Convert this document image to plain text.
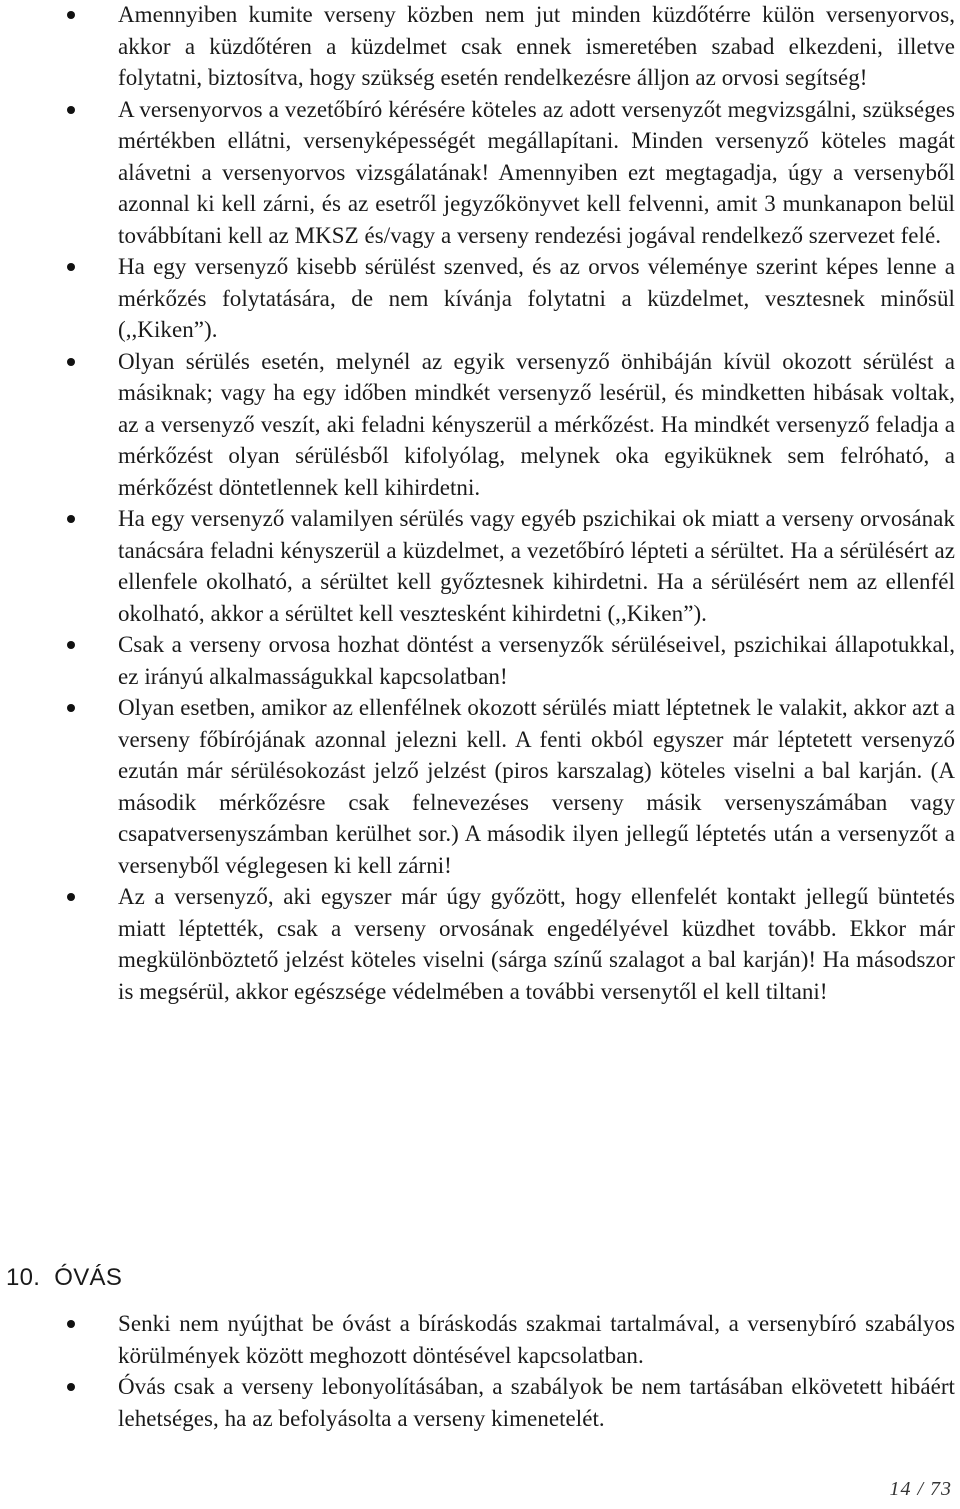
Amennyiben kumite verseny közben nem jut minden küzdőtérre külön versenyorvos, akkor a küzdőtéren a küzdelmet csak ennek ismeretében szabad elkezdeni, illetve folytatni, biztosítva, hogy szükség esetén rendelkezésre álljon az orvosi segítség!
A versenyorvos a vezetőbíró kérésére köteles az adott versenyzőt megvizsgálni, szükséges mértékben ellátni, versenyképességét megállapítani. Minden versenyző köteles magát alávetni a versenyorvos vizsgálatának! Amennyiben ezt megtagadja, úgy a versenyből azonnal ki kell zárni, és az esetről jegyzőkönyvet kell felvenni, amit 3 munkanapon belül továbbítani kell az MKSZ és/vagy a verseny rendezési jogával rendelkező szervezet felé.
Ha egy versenyző kisebb sérülést szenved, és az orvos véleménye szerint képes lenne a mérkőzés folytatására, de nem kívánja folytatni a küzdelmet, vesztesnek minősül (,,Kiken”).
Olyan sérülés esetén, melynél az egyik versenyző önhibáján kívül okozott sérülést a másiknak; vagy ha egy időben mindkét versenyző lesérül, és mindketten hibásak voltak, az a versenyző veszít, aki feladni kényszerül a mérkőzést. Ha mindkét versenyző feladja a mérkőzést olyan sérülésből kifolyólag, melynek oka egyiküknek sem felróható, a mérkőzést döntetlennek kell kihirdetni.
Ha egy versenyző valamilyen sérülés vagy egyéb pszichikai ok miatt a verseny orvosának tanácsára feladni kényszerül a küzdelmet, a vezetőbíró lépteti a sérültet. Ha a sérülésért az ellenfele okolható, a sérültet kell győztesnek kihirdetni. Ha a sérülésért nem az ellenfél okolható, akkor a sérültet kell vesztesként kihirdetni (,,Kiken”).
Csak a verseny orvosa hozhat döntést a versenyzők sérüléseivel, pszichikai állapotukkal, ez irányú alkalmasságukkal kapcsolatban!
Olyan esetben, amikor az ellenfélnek okozott sérülés miatt léptetnek le valakit, akkor azt a verseny főbírójának azonnal jelezni kell. A fenti okból egyszer már léptetett versenyző ezután már sérülésokozást jelző jelzést (piros karszalag) köteles viselni a bal karján. (A második mérkőzésre csak felnevezéses verseny másik versenyszámában vagy csapatversenyszámban kerülhet sor.) A második ilyen jellegű léptetés után a versenyzőt a versenyből véglegesen ki kell zárni!
Az a versenyző, aki egyszer már úgy győzött, hogy ellenfelét kontakt jellegű büntetés miatt léptették, csak a verseny orvosának engedélyével küzdhet tovább. Ekkor már megkülönböztető jelzést köteles viselni (sárga színű szalagot a bal karján)! Ha másodszor is megsérül, akkor egészsége védelmében a további versenytől el kell tiltani!
10. ÓVÁS
Senki nem nyújthat be óvást a bíráskodás szakmai tartalmával, a versenybíró szabályos körülmények között meghozott döntésével kapcsolatban.
Óvás csak a verseny lebonyolításában, a szabályok be nem tartásában elkövetett hibáért lehetséges, ha az befolyásolta a verseny kimenetelét.
14 / 73
